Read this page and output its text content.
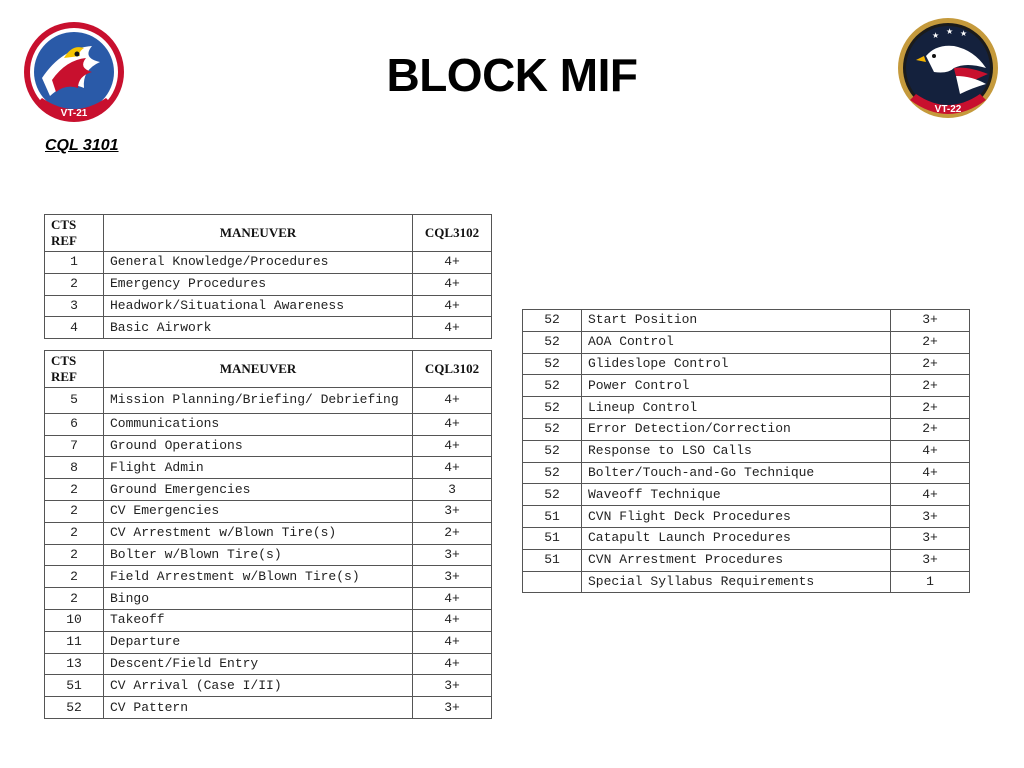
VT-21
★ ★ ★
VT-22
BLOCK MIF
CQL 3101
CTS
REF	MANEUVER	CQL3102
1	General Knowledge/Procedures	4+
2	Emergency Procedures	4+
3	Headwork/Situational Awareness	4+
4	Basic Airwork	4+
CTS
REF	MANEUVER	CQL3102
5	Mission Planning/Briefing/ Debriefing	4+
6	Communications	4+
7	Ground Operations	4+
8	Flight Admin	4+
2	Ground Emergencies	3
2	CV Emergencies	3+
2	CV Arrestment w/Blown Tire(s)	2+
2	Bolter w/Blown Tire(s)	3+
2	Field Arrestment w/Blown Tire(s)	3+
2	Bingo	4+
10	Takeoff	4+
11	Departure	4+
13	Descent/Field Entry	4+
51	CV Arrival (Case I/II)	3+
52	CV Pattern	3+
52	Start Position	3+
52	AOA Control	2+
52	Glideslope Control	2+
52	Power Control	2+
52	Lineup Control	2+
52	Error Detection/Correction	2+
52	Response to LSO Calls	4+
52	Bolter/Touch-and-Go Technique	4+
52	Waveoff Technique	4+
51	CVN Flight Deck Procedures	3+
51	Catapult Launch Procedures	3+
51	CVN Arrestment Procedures	3+
	Special Syllabus Requirements	1
